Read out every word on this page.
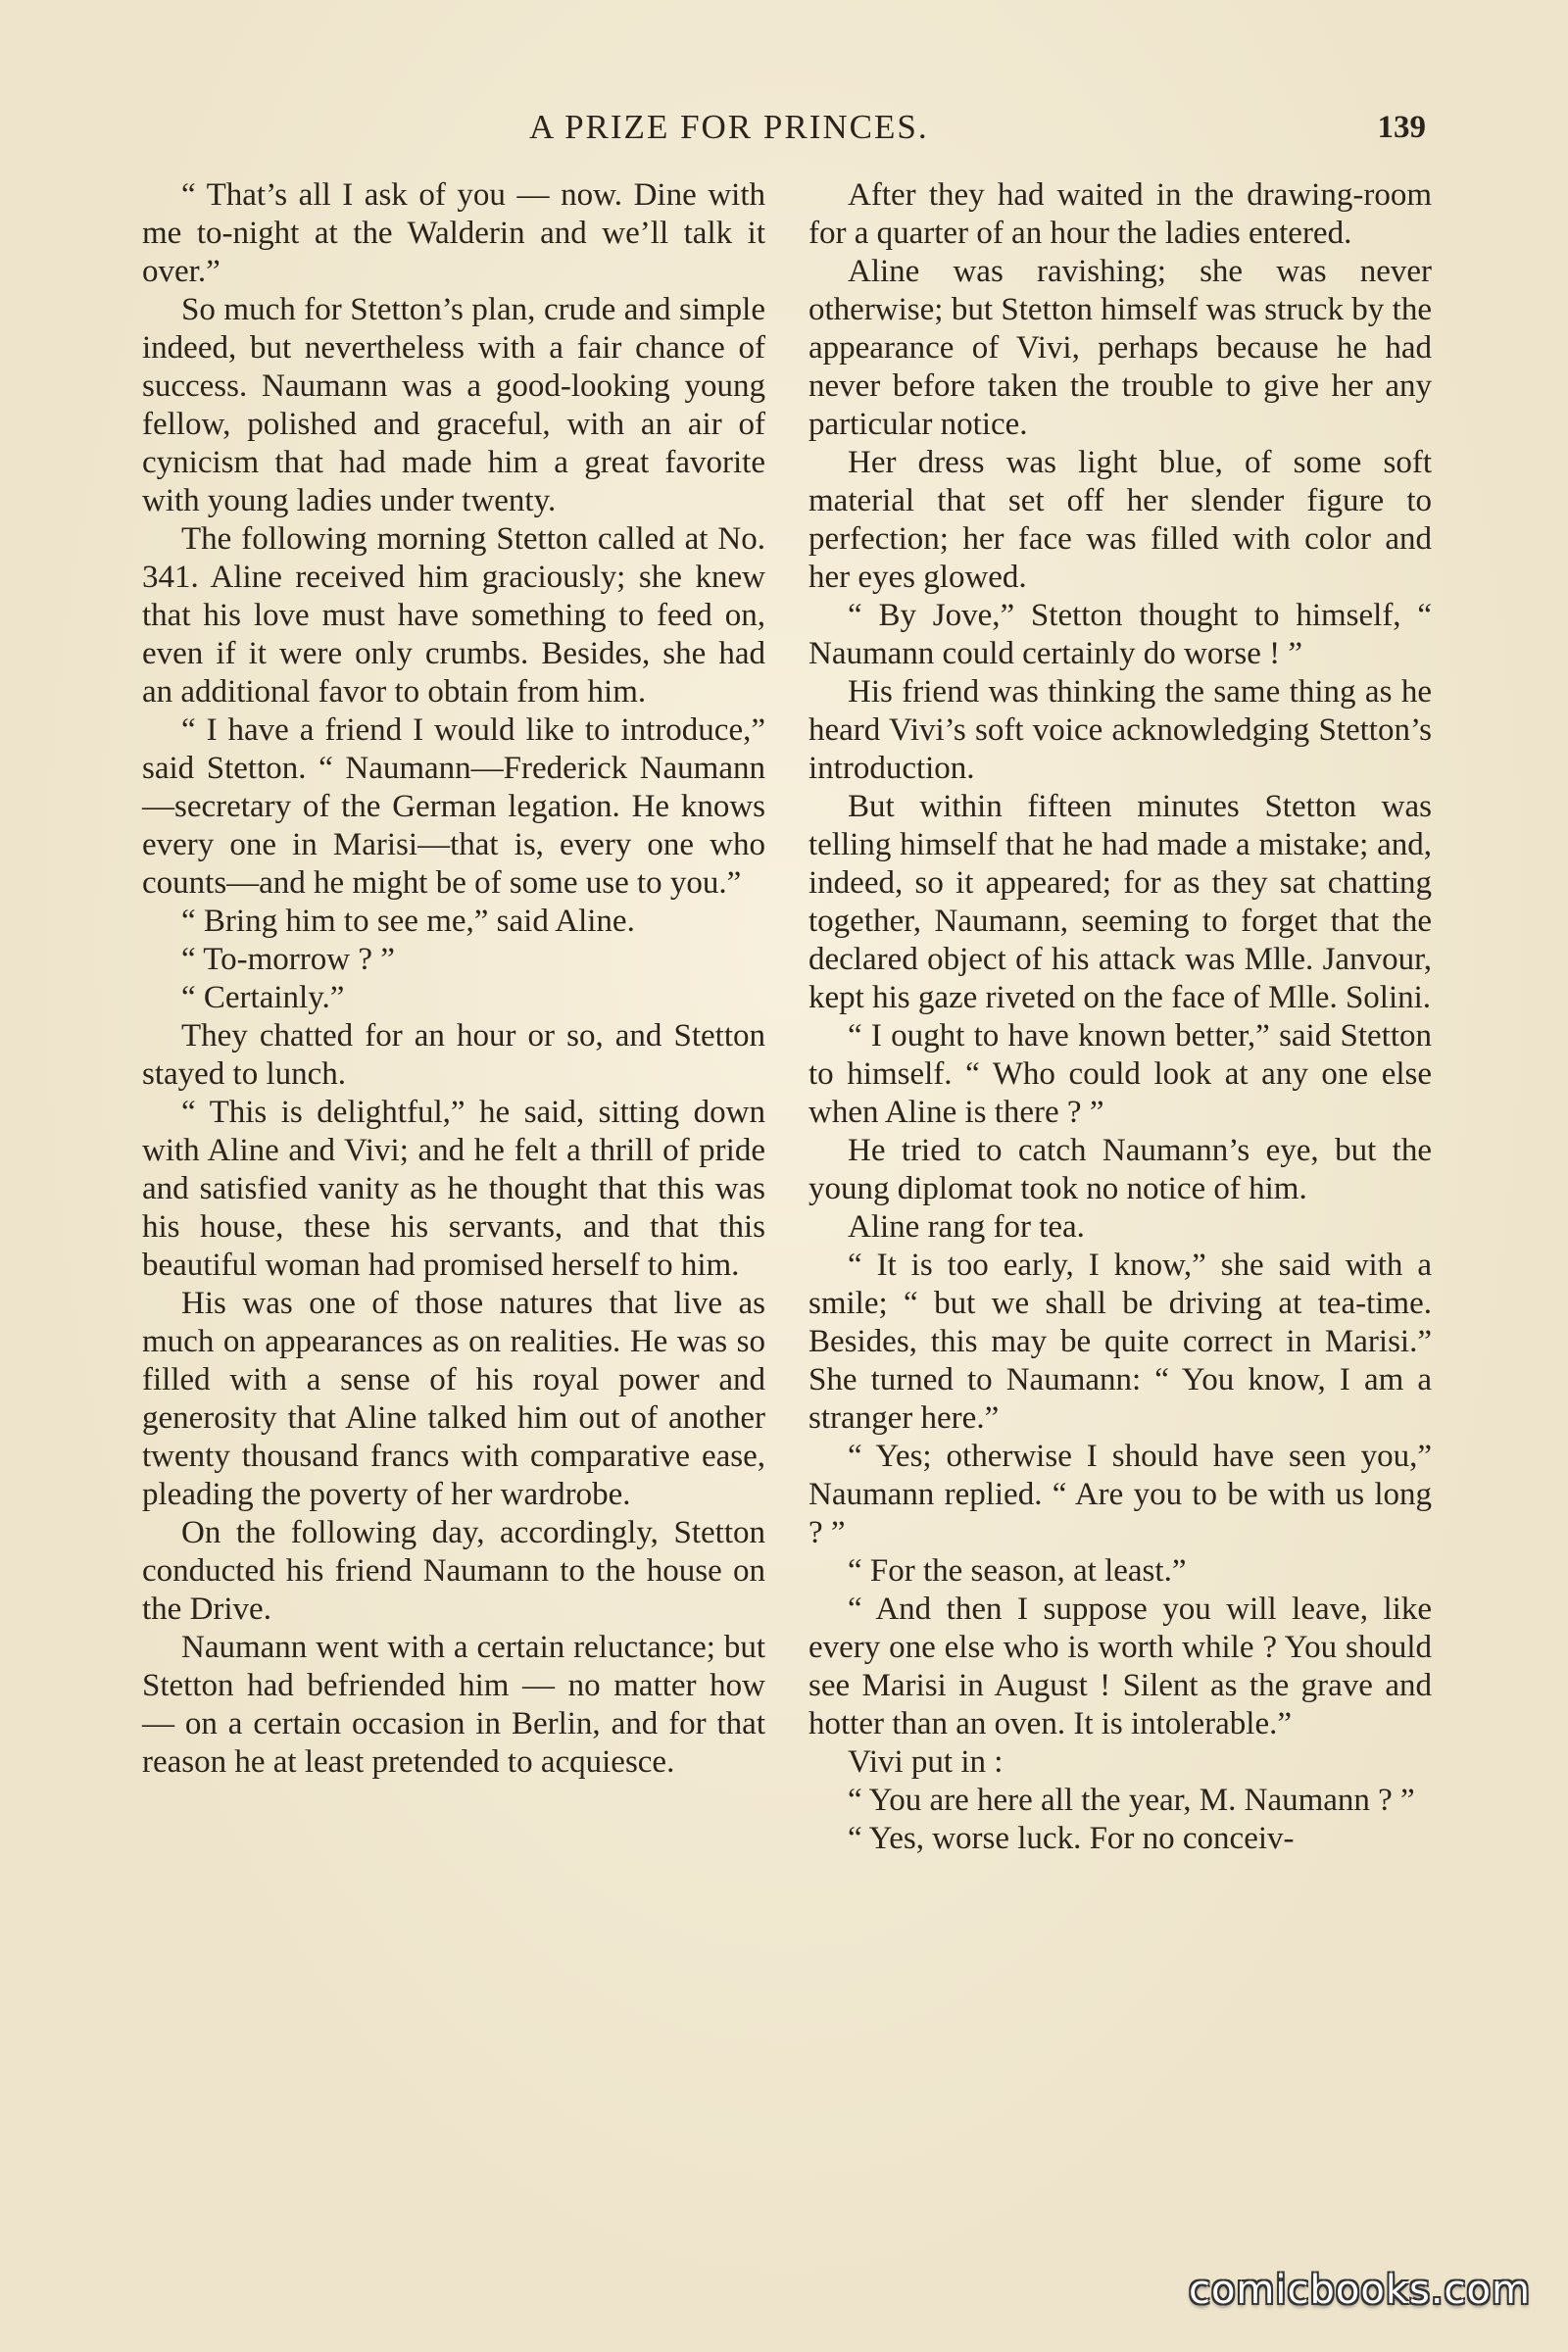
A PRIZE FOR PRINCES.	139

“ That’s all I ask of you — now. Dine with me to-night at the Walderin and we’ll talk it over.”

So much for Stetton’s plan, crude and simple indeed, but nevertheless with a fair chance of success. Naumann was a good-looking young fellow, polished and graceful, with an air of cynicism that had made him a great favorite with young ladies under twenty.

The following morning Stetton called at No. 341. Aline received him graciously; she knew that his love must have something to feed on, even if it were only crumbs. Besides, she had an additional favor to obtain from him.

“ I have a friend I would like to introduce,” said Stetton. “ Naumann—Frederick Naumann—secretary of the German legation. He knows every one in Marisi—that is, every one who counts—and he might be of some use to you.”

“ Bring him to see me,” said Aline.

“ To-morrow ? ”

“ Certainly.”

They chatted for an hour or so, and Stetton stayed to lunch.

“ This is delightful,” he said, sitting down with Aline and Vivi; and he felt a thrill of pride and satisfied vanity as he thought that this was his house, these his servants, and that this beautiful woman had promised herself to him.

His was one of those natures that live as much on appearances as on realities. He was so filled with a sense of his royal power and generosity that Aline talked him out of another twenty thousand francs with comparative ease, pleading the poverty of her wardrobe.

On the following day, accordingly, Stetton conducted his friend Naumann to the house on the Drive.

Naumann went with a certain reluctance; but Stetton had befriended him — no matter how — on a certain occasion in Berlin, and for that reason he at least pretended to acquiesce.

After they had waited in the drawing-room for a quarter of an hour the ladies entered.

Aline was ravishing; she was never otherwise; but Stetton himself was struck by the appearance of Vivi, perhaps because he had never before taken the trouble to give her any particular notice.

Her dress was light blue, of some soft material that set off her slender figure to perfection; her face was filled with color and her eyes glowed.

“ By Jove,” Stetton thought to himself, “ Naumann could certainly do worse ! ”

His friend was thinking the same thing as he heard Vivi’s soft voice acknowledging Stetton’s introduction.

But within fifteen minutes Stetton was telling himself that he had made a mistake; and, indeed, so it appeared; for as they sat chatting together, Naumann, seeming to forget that the declared object of his attack was Mlle. Janvour, kept his gaze riveted on the face of Mlle. Solini.

“ I ought to have known better,” said Stetton to himself. “ Who could look at any one else when Aline is there ? ”

He tried to catch Naumann’s eye, but the young diplomat took no notice of him.

Aline rang for tea.

“ It is too early, I know,” she said with a smile; “ but we shall be driving at tea-time. Besides, this may be quite correct in Marisi.” She turned to Naumann: “ You know, I am a stranger here.”

“ Yes; otherwise I should have seen you,” Naumann replied. “ Are you to be with us long ? ”

“ For the season, at least.”

“ And then I suppose you will leave, like every one else who is worth while ? You should see Marisi in August ! Silent as the grave and hotter than an oven. It is intolerable.”

Vivi put in :

“ You are here all the year, M. Naumann ? ”

“ Yes, worse luck. For no conceiv-

comicbooks.com
